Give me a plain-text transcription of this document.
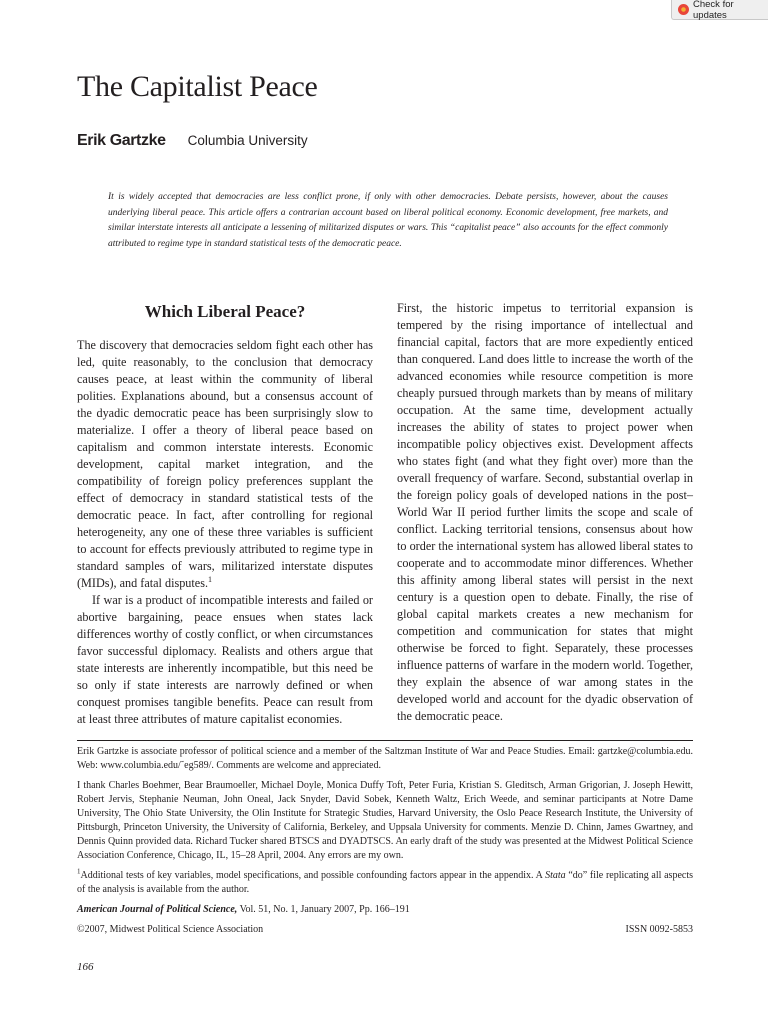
Check for updates
The Capitalist Peace
Erik Gartzke Columbia University

It is widely accepted that democracies are less conflict prone, if only with other democracies. Debate persists, however, about the causes underlying liberal peace. This article offers a contrarian account based on liberal political economy. Economic development, free markets, and similar interstate interests all anticipate a lessening of militarized disputes or wars. This “capitalist peace” also accounts for the effect commonly attributed to regime type in standard statistical tests of the democratic peace.

Which Liberal Peace?

The discovery that democracies seldom fight each other has led, quite reasonably, to the conclusion that democracy causes peace, at least within the community of liberal polities. Explanations abound, but a consensus account of the dyadic democratic peace has been surprisingly slow to materialize. I offer a theory of liberal peace based on capitalism and common interstate interests. Economic development, capital market integration, and the compatibility of foreign policy preferences supplant the effect of democracy in standard statistical tests of the democratic peace. In fact, after controlling for regional heterogeneity, any one of these three variables is sufficient to account for effects previously attributed to regime type in standard samples of wars, militarized interstate disputes (MIDs), and fatal disputes.$^1$

If war is a product of incompatible interests and failed or abortive bargaining, peace ensues when states lack differences worthy of costly conflict, or when circumstances favor successful diplomacy. Realists and others argue that state interests are inherently incompatible, but this need be so only if state interests are narrowly defined or when conquest promises tangible benefits. Peace can result from at least three attributes of mature capitalist economies.

First, the historic impetus to territorial expansion is tempered by the rising importance of intellectual and financial capital, factors that are more expediently enticed than conquered. Land does little to increase the worth of the advanced economies while resource competition is more cheaply pursued through markets than by means of military occupation. At the same time, development actually increases the ability of states to project power when incompatible policy objectives exist. Development affects who states fight (and what they fight over) more than the overall frequency of warfare. Second, substantial overlap in the foreign policy goals of developed nations in the post–World War II period further limits the scope and scale of conflict. Lacking territorial tensions, consensus about how to order the international system has allowed liberal states to cooperate and to accommodate minor differences. Whether this affinity among liberal states will persist in the next century is a question open to debate. Finally, the rise of global capital markets creates a new mechanism for competition and communication for states that might otherwise be forced to fight. Separately, these processes influence patterns of warfare in the modern world. Together, they explain the absence of war among states in the developed world and account for the dyadic observation of the democratic peace.

Erik Gartzke is associate professor of political science and a member of the Saltzman Institute of War and Peace Studies. Email: gartzke@columbia.edu. Web: www.columbia.edu/˜eg589/. Comments are welcome and appreciated.

I thank Charles Boehmer, Bear Braumoeller, Michael Doyle, Monica Duffy Toft, Peter Furia, Kristian S. Gleditsch, Arman Grigorian, J. Joseph Hewitt, Robert Jervis, Stephanie Neuman, John Oneal, Jack Snyder, David Sobek, Kenneth Waltz, Erich Weede, and seminar participants at Notre Dame University, The Ohio State University, the Olin Institute for Strategic Studies, Harvard University, the Oslo Peace Research Institute, the University of Pittsburgh, Princeton University, the University of California, Berkeley, and Uppsala University for comments. Menzie D. Chinn, James Gwartney, and Dennis Quinn provided data. Richard Tucker shared BTSCS and DYADTSCS. An early draft of the study was presented at the Midwest Political Science Association Conference, Chicago, IL, 15–28 April, 2004. Any errors are my own.

$^1$Additional tests of key variables, model specifications, and possible confounding factors appear in the appendix. A Stata “do” file replicating all aspects of the analysis is available from the author.

American Journal of Political Science, Vol. 51, No. 1, January 2007, Pp. 166–191

©2007, Midwest Political Science Association	ISSN 0092-5853
166
